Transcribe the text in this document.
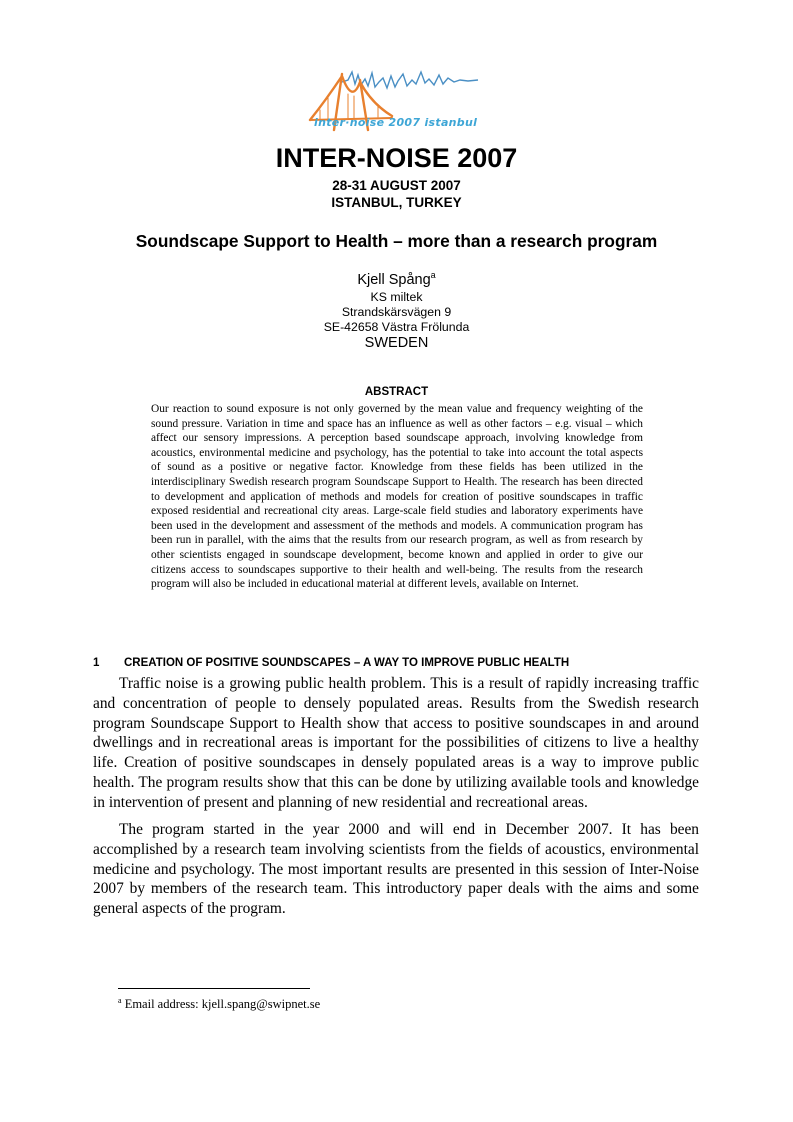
inter·noise 2007 istanbul
INTER-NOISE 2007
28-31 AUGUST 2007
ISTANBUL, TURKEY
Soundscape Support to Health – more than a research program
Kjell Spång$^a$
KS miltek
Strandskärsvägen 9
SE-42658 Västra Frölunda
SWEDEN
ABSTRACT

Our reaction to sound exposure is not only governed by the mean value and frequency weighting of the sound pressure. Variation in time and space has an influence as well as other factors – e.g. visual – which affect our sensory impressions. A perception based soundscape approach, involving knowledge from acoustics, environmental medicine and psychology, has the potential to take into account the total aspects of sound as a positive or negative factor. Knowledge from these fields has been utilized in the interdisciplinary Swedish research program Soundscape Support to Health. The research has been directed to development and application of methods and models for creation of positive soundscapes in traffic exposed residential and recreational city areas. Large-scale field studies and laboratory experiments have been used in the development and assessment of the methods and models. A communication program has been run in parallel, with the aims that the results from our research program, as well as from research by other scientists engaged in soundscape development, become known and applied in order to give our citizens access to soundscapes supportive to their health and well-being. The results from the research program will also be included in educational material at different levels, available on Internet.

1 CREATION OF POSITIVE SOUNDSCAPES – A WAY TO IMPROVE PUBLIC HEALTH

Traffic noise is a growing public health problem. This is a result of rapidly increasing traffic and concentration of people to densely populated areas. Results from the Swedish research program Soundscape Support to Health show that access to positive soundscapes in and around dwellings and in recreational areas is important for the possibilities of citizens to live a healthy life. Creation of positive soundscapes in densely populated areas is a way to improve public health. The program results show that this can be done by utilizing available tools and knowledge in intervention of present and planning of new residential and recreational areas.

The program started in the year 2000 and will end in December 2007. It has been accomplished by a research team involving scientists from the fields of acoustics, environmental medicine and psychology. The most important results are presented in this session of Inter-Noise 2007 by members of the research team. This introductory paper deals with the aims and some general aspects of the program.

$^a$ Email address: kjell.spang@swipnet.se
